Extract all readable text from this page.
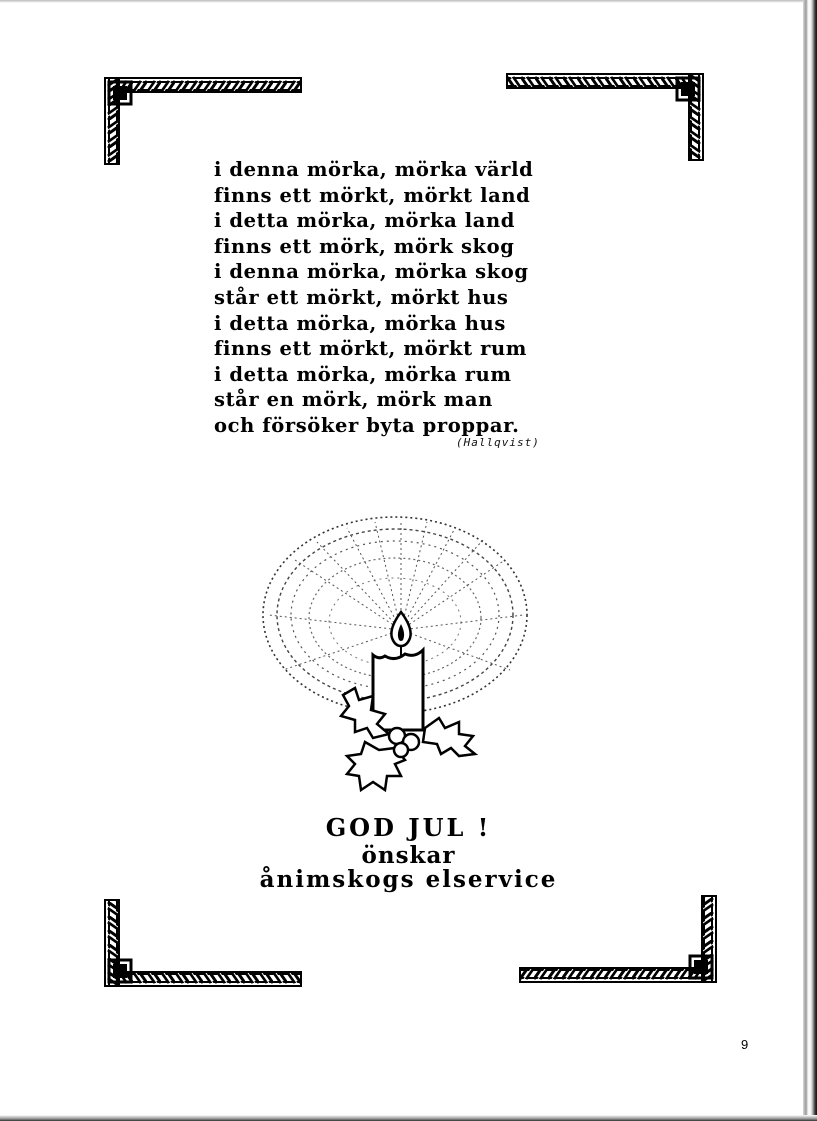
i denna mörka, mörka värld
finns ett mörkt, mörkt land
i detta mörka, mörka land
finns ett mörk, mörk skog
i denna mörka, mörka skog
står ett mörkt, mörkt hus
i detta mörka, mörka hus
finns ett mörkt, mörkt rum
i detta mörka, mörka rum
står en mörk, mörk man
och försöker byta proppar.
(Hallqvist)
GOD JUL !
önskar
ånimskogs elservice
9
